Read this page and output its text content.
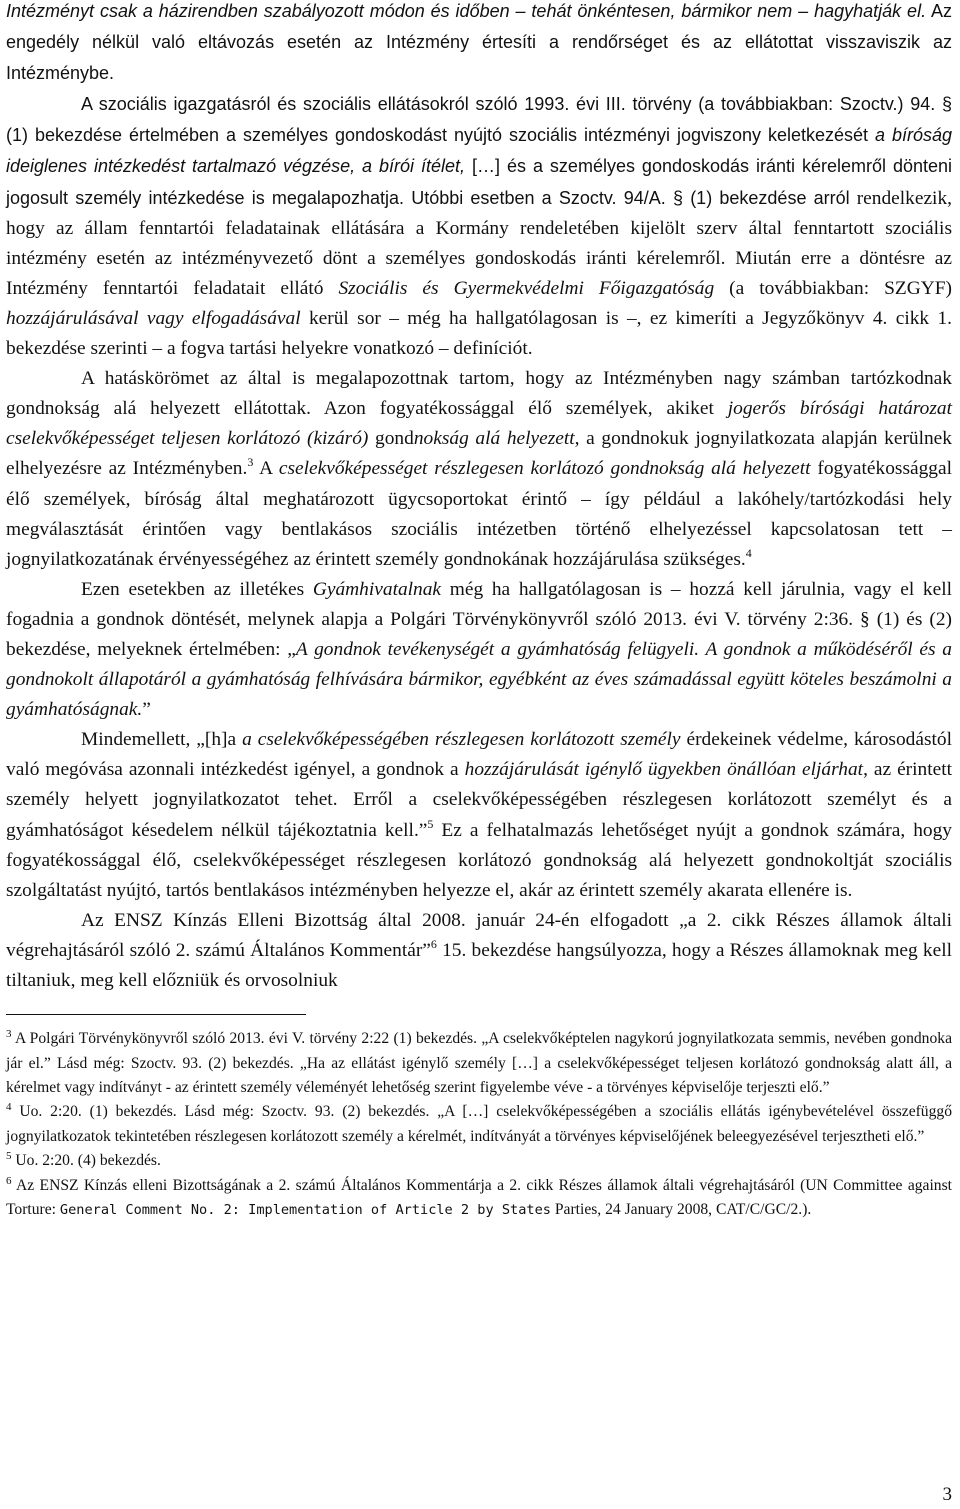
Intézményt csak a házirendben szabályozott módon és időben – tehát önkéntesen, bármikor nem – hagyhatják el. Az engedély nélkül való eltávozás esetén az Intézmény értesíti a rendőrséget és az ellátottat visszaviszik az Intézménybe.

A szociális igazgatásról és szociális ellátásokról szóló 1993. évi III. törvény (a továbbiakban: Szoctv.) 94. § (1) bekezdése értelmében a személyes gondoskodást nyújtó szociális intézményi jogviszony keletkezését a bíróság ideiglenes intézkedést tartalmazó végzése, a bírói ítélet, […] és a személyes gondoskodás iránti kérelemről dönteni jogosult személy intézkedése is megalapozhatja. Utóbbi esetben a Szoctv. 94/A. § (1) bekezdése arról rendelkezik, hogy az állam fenntartói feladatainak ellátására a Kormány rendeletében kijelölt szerv által fenntartott szociális intézmény esetén az intézményvezető dönt a személyes gondoskodás iránti kérelemről. Miután erre a döntésre az Intézmény fenntartói feladatait ellátó Szociális és Gyermekvédelmi Főigazgatóság (a továbbiakban: SZGYF) hozzájárulásával vagy elfogadásával kerül sor – még ha hallgatólagosan is –, ez kimeríti a Jegyzőkönyv 4. cikk 1. bekezdése szerinti – a fogva tartási helyekre vonatkozó – definíciót.

A hatáskörömet az által is megalapozottnak tartom, hogy az Intézményben nagy számban tartózkodnak gondnokság alá helyezett ellátottak. Azon fogyatékossággal élő személyek, akiket jogerős bírósági határozat cselekvőképességet teljesen korlátozó (kizáró) gondnokság alá helyezett, a gondnokuk jognyilatkozata alapján kerülnek elhelyezésre az Intézményben.$^3$ A cselekvőképességet részlegesen korlátozó gondnokság alá helyezett fogyatékossággal élő személyek, bíróság által meghatározott ügycsoportokat érintő – így például a lakóhely/tartózkodási hely megválasztását érintően vagy bentlakásos szociális intézetben történő elhelyezéssel kapcsolatosan tett – jognyilatkozatának érvényességéhez az érintett személy gondnokának hozzájárulása szükséges.$^4$

Ezen esetekben az illetékes Gyámhivatalnak még ha hallgatólagosan is – hozzá kell járulnia, vagy el kell fogadnia a gondnok döntését, melynek alapja a Polgári Törvénykönyvről szóló 2013. évi V. törvény 2:36. § (1) és (2) bekezdése, melyeknek értelmében: „A gondnok tevékenységét a gyámhatóság felügyeli. A gondnok a működéséről és a gondnokolt állapotáról a gyámhatóság felhívására bármikor, egyébként az éves számadással együtt köteles beszámolni a gyámhatóságnak.”

Mindemellett, „[h]a a cselekvőképességében részlegesen korlátozott személy érdekeinek védelme, károsodástól való megóvása azonnali intézkedést igényel, a gondnok a hozzájárulását igénylő ügyekben önállóan eljárhat, az érintett személy helyett jognyilatkozatot tehet. Erről a cselekvőképességében részlegesen korlátozott személyt és a gyámhatóságot késedelem nélkül tájékoztatnia kell.”$^5$ Ez a felhatalmazás lehetőséget nyújt a gondnok számára, hogy fogyatékossággal élő, cselekvőképességet részlegesen korlátozó gondnokság alá helyezett gondnokoltját szociális szolgáltatást nyújtó, tartós bentlakásos intézményben helyezze el, akár az érintett személy akarata ellenére is.

Az ENSZ Kínzás Elleni Bizottság által 2008. január 24-én elfogadott „a 2. cikk Részes államok általi végrehajtásáról szóló 2. számú Általános Kommentár”$^6$ 15. bekezdése hangsúlyozza, hogy a Részes államoknak meg kell tiltaniuk, meg kell előzniük és orvosolniuk

$^3$ A Polgári Törvénykönyvről szóló 2013. évi V. törvény 2:22 (1) bekezdés. „A cselekvőképtelen nagykorú jognyilatkozata semmis, nevében gondnoka jár el.” Lásd még: Szoctv. 93. (2) bekezdés. „Ha az ellátást igénylő személy […] a cselekvőképességet teljesen korlátozó gondnokság alatt áll, a kérelmet vagy indítványt - az érintett személy véleményét lehetőség szerint figyelembe véve - a törvényes képviselője terjeszti elő.”

$^4$ Uo. 2:20. (1) bekezdés. Lásd még: Szoctv. 93. (2) bekezdés. „A […] cselekvőképességében a szociális ellátás igénybevételével összefüggő jognyilatkozatok tekintetében részlegesen korlátozott személy a kérelmét, indítványát a törvényes képviselőjének beleegyezésével terjesztheti elő.”

$^5$ Uo. 2:20. (4) bekezdés.

$^6$ Az ENSZ Kínzás elleni Bizottságának a 2. számú Általános Kommentárja a 2. cikk Részes államok általi végrehajtásáról (UN Committee against Torture: General Comment No. 2: Implementation of Article 2 by States Parties, 24 January 2008, CAT/C/GC/2.).

3
